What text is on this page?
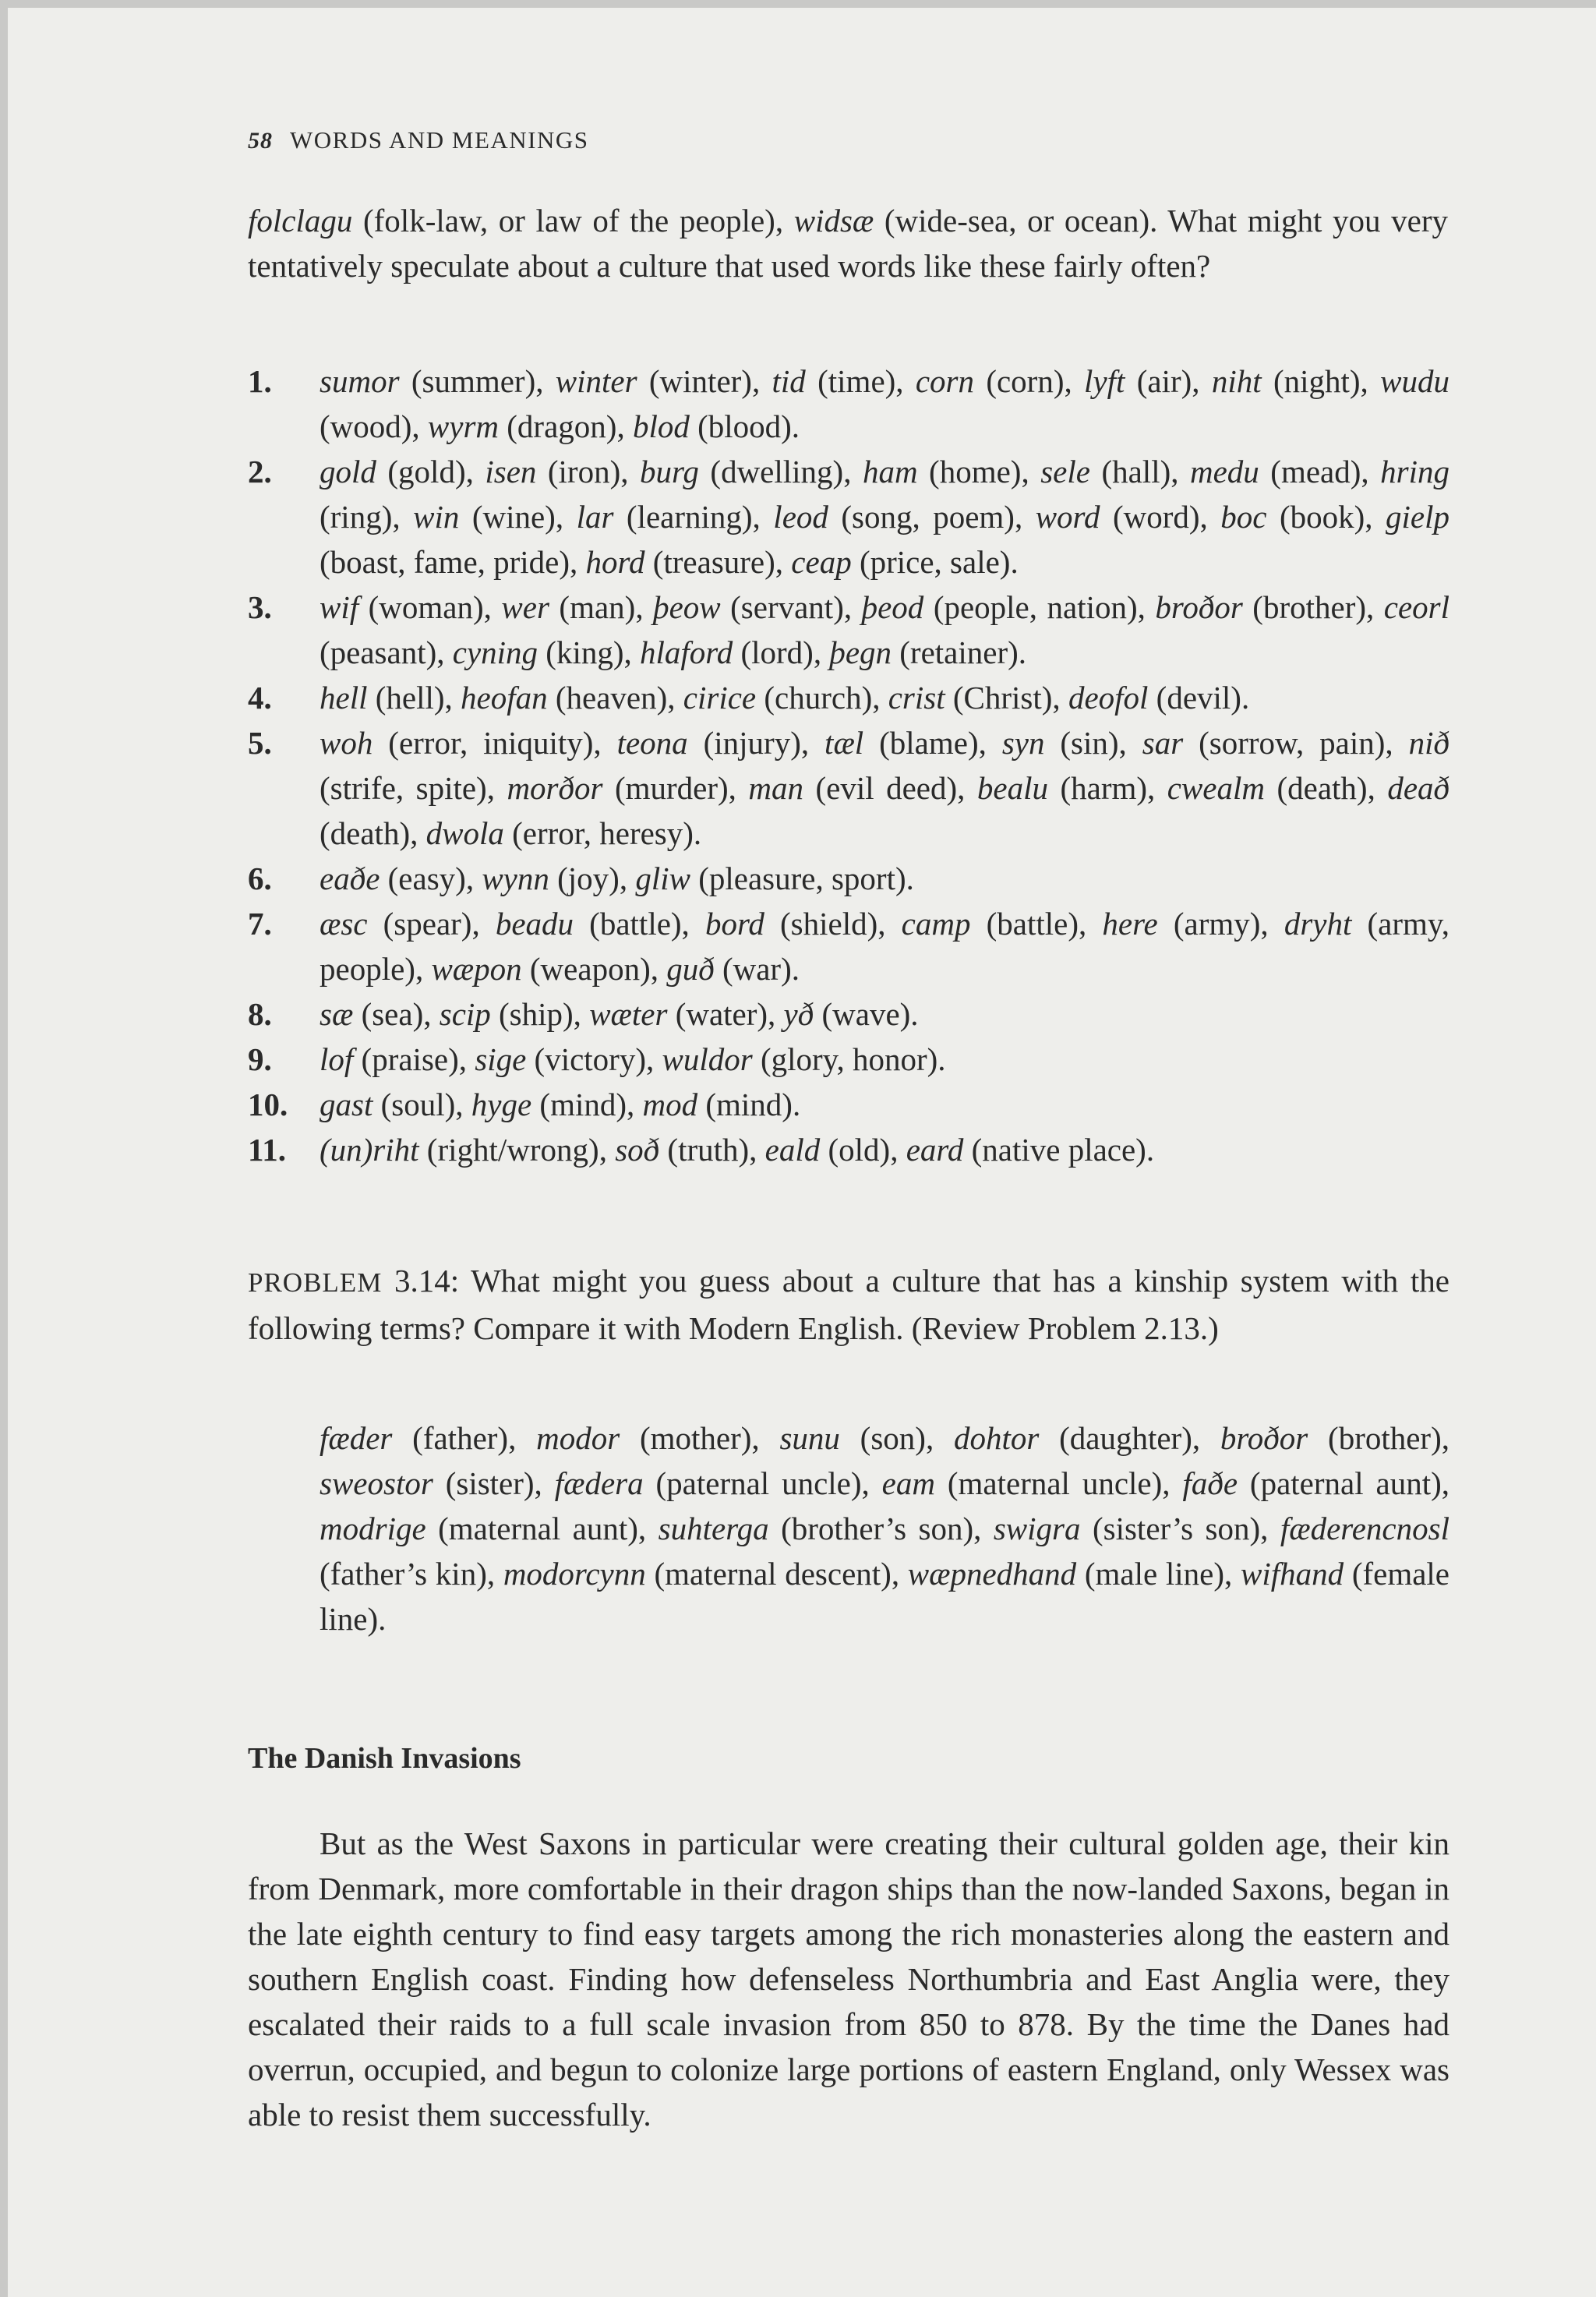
58 WORDS AND MEANINGS

folclagu (folk-law, or law of the people), widsæ (wide-sea, or ocean). What might you very tentatively speculate about a culture that used words like these fairly often?

1. sumor (summer), winter (winter), tid (time), corn (corn), lyft (air), niht (night), wudu (wood), wyrm (dragon), blod (blood).
2. gold (gold), isen (iron), burg (dwelling), ham (home), sele (hall), medu (mead), hring (ring), win (wine), lar (learning), leod (song, poem), word (word), boc (book), gielp (boast, fame, pride), hord (treasure), ceap (price, sale).
3. wif (woman), wer (man), þeow (servant), þeod (people, nation), broðor (brother), ceorl (peasant), cyning (king), hlaford (lord), þegn (retainer).
4. hell (hell), heofan (heaven), cirice (church), crist (Christ), deofol (devil).
5. woh (error, iniquity), teona (injury), tæl (blame), syn (sin), sar (sorrow, pain), nið (strife, spite), morðor (murder), man (evil deed), bealu (harm), cwealm (death), deað (death), dwola (error, heresy).
6. eaðe (easy), wynn (joy), gliw (pleasure, sport).
7. æsc (spear), beadu (battle), bord (shield), camp (battle), here (army), dryht (army, people), wæpon (weapon), guð (war).
8. sæ (sea), scip (ship), wæter (water), yð (wave).
9. lof (praise), sige (victory), wuldor (glory, honor).
10. gast (soul), hyge (mind), mod (mind).
11. (un)riht (right/wrong), soð (truth), eald (old), eard (native place).

PROBLEM 3.14: What might you guess about a culture that has a kinship system with the following terms? Compare it with Modern English. (Review Problem 2.13.)

fæder (father), modor (mother), sunu (son), dohtor (daughter), broðor (brother), sweostor (sister), fædera (paternal uncle), eam (maternal uncle), faðe (paternal aunt), modrige (maternal aunt), suhterga (brother’s son), swigra (sister’s son), fæderencnosl (father’s kin), modorcynn (maternal descent), wæpnedhand (male line), wifhand (female line).

The Danish Invasions

But as the West Saxons in particular were creating their cultural golden age, their kin from Denmark, more comfortable in their dragon ships than the now-landed Saxons, began in the late eighth century to find easy targets among the rich monasteries along the eastern and southern English coast. Finding how defenseless Northumbria and East Anglia were, they escalated their raids to a full scale invasion from 850 to 878. By the time the Danes had overrun, occupied, and begun to colonize large portions of eastern England, only Wessex was able to resist them successfully.
